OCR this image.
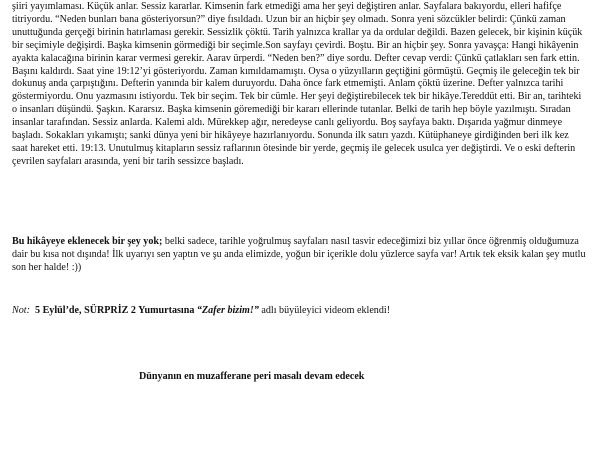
şiiri yayımlaması. Küçük anlar. Sessiz kararlar. Kimsenin fark etmediği ama her şeyi değiştiren anlar. Sayfalara bakıyordu, elleri hafifçe titriyordu. “Neden bunları bana gösteriyorsun?” diye fısıldadı. Uzun bir an hiçbir şey olmadı. Sonra yeni sözcükler belirdi: Çünkü zaman unuttuğunda gerçeği birinin hatırlaması gerekir. Sessizlik çöktü. Tarih yalnızca krallar ya da ordular değildi. Bazen gelecek, bir kişinin küçük bir seçimiyle değişirdi. Başka kimsenin görmediği bir seçimle.Son sayfayı çevirdi. Boştu. Bir an hiçbir şey. Sonra yavaşça: Hangi hikâyenin ayakta kalacağına birinin karar vermesi gerekir. Aarav ürperdi. “Neden ben?” diye sordu. Defter cevap verdi: Çünkü çatlakları sen fark ettin. Başını kaldırdı. Saat yine 19:12’yi gösteriyordu. Zaman kımıldamamıştı. Oysa o yüzyılların geçtiğini görmüştü. Geçmiş ile geleceğin tek bir dokunuş anda çarpıştığını. Defterin yanında bir kalem duruyordu. Daha önce fark etmemişti. Anlam çöktü üzerine. Defter yalnızca tarihi göstermiyordu. Onu yazmasını istiyordu. Tek bir seçim. Tek bir cümle. Her şeyi değiştirebilecek tek bir hikâye.Tereddüt etti. Bir an, tarihteki o insanları düşündü. Şaşkın. Kararsız. Başka kimsenin göremediği bir kararı ellerinde tutanlar. Belki de tarih hep böyle yazılmıştı. Sıradan insanlar tarafından. Sessiz anlarda. Kalemi aldı. Mürekkep ağır, neredeyse canlı geliyordu. Boş sayfaya baktı. Dışarıda yağmur dinmeye başladı. Sokakları yıkamıştı; sanki dünya yeni bir hikâyeye hazırlanıyordu. Sonunda ilk satırı yazdı. Kütüphaneye girdiğinden beri ilk kez saat hareket etti. 19:13. Unutulmuş kitapların sessiz raflarının ötesinde bir yerde, geçmiş ile gelecek usulca yer değiştirdi. Ve o eski defterin çevrilen sayfaları arasında, yeni bir tarih sessizce başladı.

Bu hikâyeye eklenecek bir şey yok; belki sadece, tarihle yoğrulmuş sayfaları nasıl tasvir edeceğimizi biz yıllar önce öğrenmiş olduğumuza dair bu kısa not dışında! İlk uyarıyı sen yaptın ve şu anda elimizde, yoğun bir içerikle dolu yüzlerce sayfa var! Artık tek eksik kalan şey mutlu son her halde! :))

Not: 5 Eylül’de, SÜRPRİZ 2 Yumurtasına “Zafer bizim!” adlı büyüleyici videom eklendi!

Dünyanın en muzafferane peri masalı devam edecek
